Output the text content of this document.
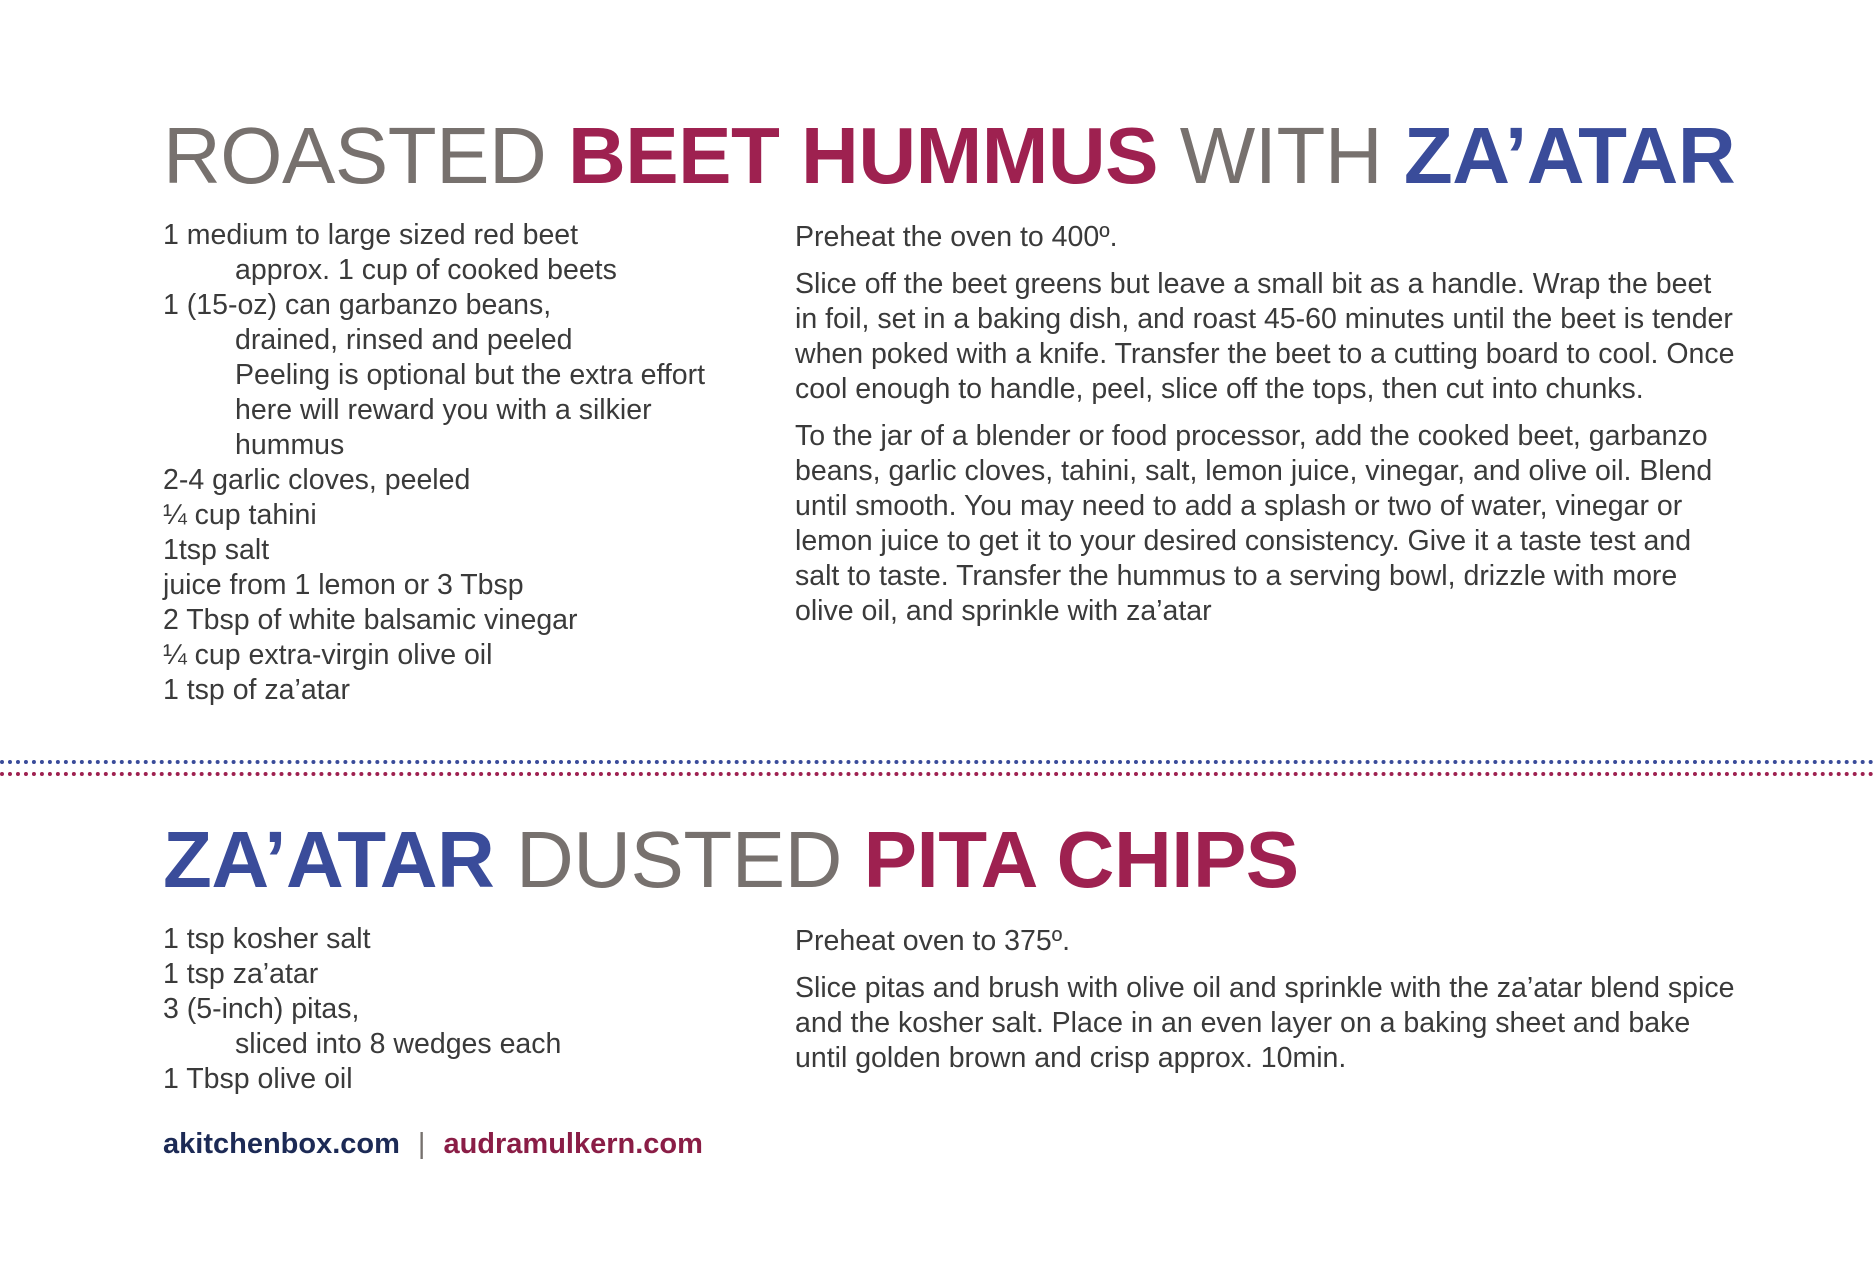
ROASTED BEET HUMMUS WITH ZA’ATAR
1 medium to large sized red beet
approx. 1 cup of cooked beets
1 (15-oz) can garbanzo beans,
drained, rinsed and peeled
Peeling is optional but the extra effort here will reward you with a silkier hummus
2-4 garlic cloves, peeled
¼ cup tahini
1tsp salt
juice from 1 lemon or 3 Tbsp
2 Tbsp of white balsamic vinegar
¼ cup extra-virgin olive oil
1 tsp of za’atar

Preheat the oven to 400º.

Slice off the beet greens but leave a small bit as a handle. Wrap the beet in foil, set in a baking dish, and roast 45-60 minutes until the beet is tender when poked with a knife. Transfer the beet to a cutting board to cool. Once cool enough to handle, peel, slice off the tops, then cut into chunks.

To the jar of a blender or food processor, add the cooked beet, garbanzo beans, garlic cloves, tahini, salt, lemon juice, vinegar, and olive oil. Blend until smooth. You may need to add a splash or two of water, vinegar or lemon juice to get it to your desired consistency. Give it a taste test and salt to taste. Transfer the hummus to a serving bowl, drizzle with more olive oil, and sprinkle with za’atar

ZA’ATAR DUSTED PITA CHIPS
1 tsp kosher salt
1 tsp za’atar
3 (5-inch) pitas,
sliced into 8 wedges each
1 Tbsp olive oil

Preheat oven to 375º.

Slice pitas and brush with olive oil and sprinkle with the za’atar blend spice and the kosher salt. Place in an even layer on a baking sheet and bake until golden brown and crisp approx. 10min.

akitchenbox.com | audramulkern.com
